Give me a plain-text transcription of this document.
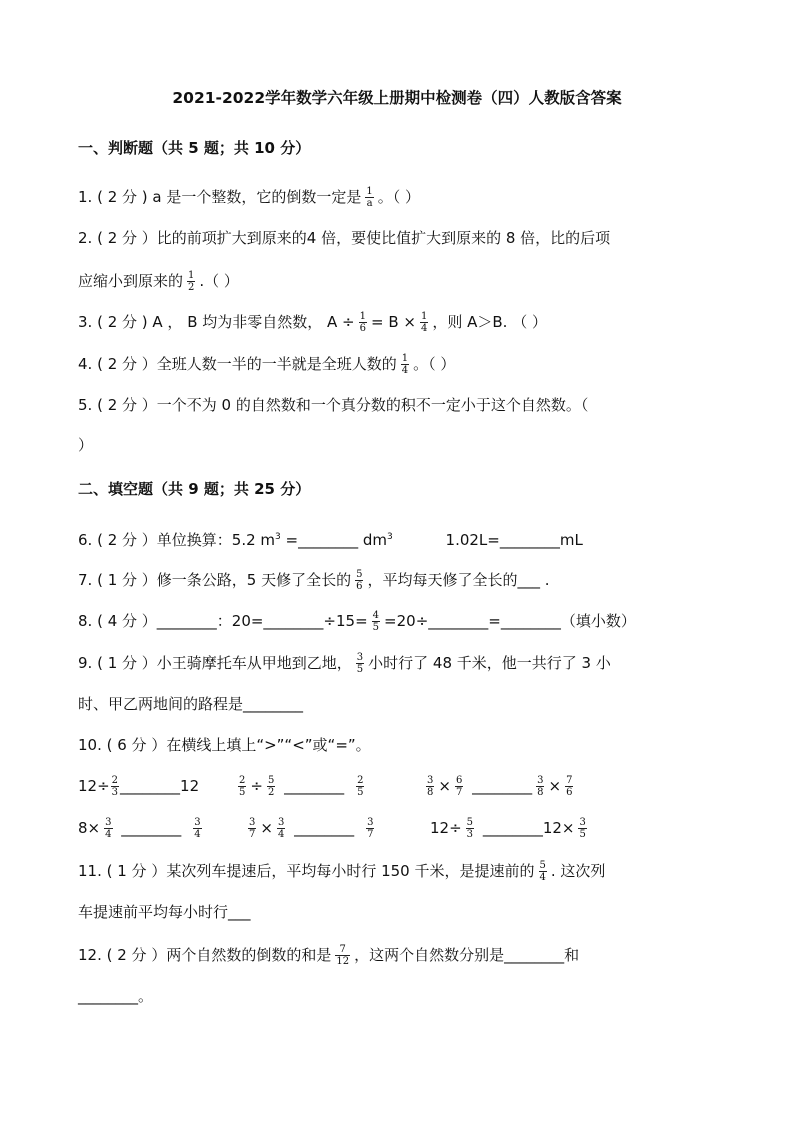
2021-2022学年数学六年级上册期中检测卷（四）人教版含答案
一、判断题（共 5 题；共 10 分）
1. ( 2 分 ) a 是一个整数，它的倒数一定是 $\frac{1}{a}$ 。（ ）
2. ( 2 分 ）比的前项扩大到原来的4 倍，要使比值扩大到原来的 8 倍，比的后项
应缩小到原来的 $\frac{1}{2}$ .（ ）
3. ( 2 分 ) A ， B 均为非零自然数， $A \div \frac{1}{6} = B \times \frac{1}{4}$ ，则 A＞B. （ ）
4. ( 2 分 ）全班人数一半的一半就是全班人数的 $\frac{1}{4}$ 。（ ）
5. ( 2 分 ）一个不为 0 的自然数和一个真分数的积不一定小于这个自然数。（
）
二、填空题（共 9 题；共 25 分）
6. ( 2 分 ）单位换算：5.2 $m^3$ =________ $dm^3$	1.02L=________mL
7. ( 1 分 ）修一条公路，5 天修了全长的 $\frac{5}{6}$ ，平均每天修了全长的___ .
8. ( 4 分 ）________：20=________÷15= $\frac{4}{5}$ =20÷________=________（填小数）
9. ( 1 分 ）小王骑摩托车从甲地到乙地， $\frac{3}{5}$ 小时行了 48 千米，他一共行了 3 小
时、甲乙两地间的路程是________
10. ( 6 分 ）在横线上填上“>”“<”或“=”。
$12\div \frac{2}{3}$ ________12	$\frac{2}{5} \div \frac{5}{2}$ ________ $\frac{2}{5}$	$\frac{3}{8} \times \frac{6}{7}$ ________ $\frac{3}{8} \times \frac{7}{6}$
$8\times \frac{3}{4}$ ________ $\frac{3}{4}$	$\frac{3}{7} \times \frac{3}{4}$ ________ $\frac{3}{7}$	$12\div \frac{5}{3}$ ________12× $\frac{3}{5}$
11. ( 1 分 ）某次列车提速后，平均每小时行 150 千米，是提速前的 $\frac{5}{4}$ . 这次列
车提速前平均每小时行___
12. ( 2 分 ）两个自然数的倒数的和是 $\frac{7}{12}$ ，这两个自然数分别是________和
________。
